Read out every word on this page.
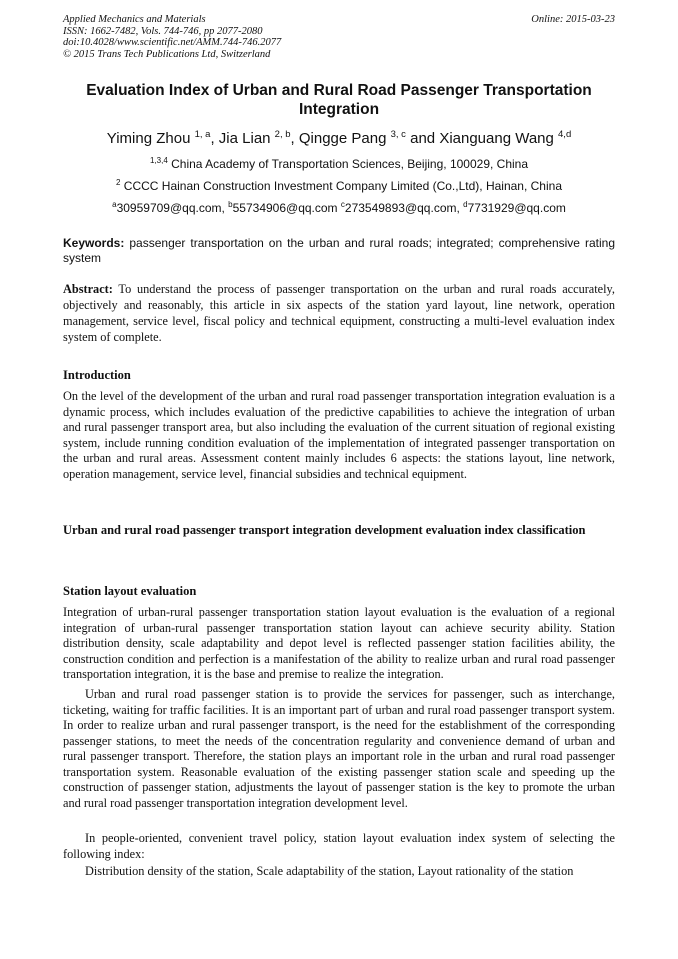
Applied Mechanics and Materials
ISSN: 1662-7482, Vols. 744-746, pp 2077-2080
doi:10.4028/www.scientific.net/AMM.744-746.2077
© 2015 Trans Tech Publications Ltd, Switzerland
Online: 2015-03-23
Evaluation Index of Urban and Rural Road Passenger Transportation Integration
Yiming Zhou $^{1, a}$, Jia Lian $^{2, b}$, Qingge Pang $^{3, c}$ and Xianguang Wang $^{4,d}$
$^{1,3,4}$ China Academy of Transportation Sciences, Beijing, 100029, China
$^2$ CCCC Hainan Construction Investment Company Limited (Co.,Ltd), Hainan, China
$^a$30959709@qq.com, $^b$55734906@qq.com $^c$273549893@qq.com, $^d$7731929@qq.com
Keywords: passenger transportation on the urban and rural roads; integrated; comprehensive rating system
Abstract: To understand the process of passenger transportation on the urban and rural roads accurately, objectively and reasonably, this article in six aspects of the station yard layout, line network, operation management, service level, fiscal policy and technical equipment, constructing a multi-level evaluation index system of complete.
Introduction
On the level of the development of the urban and rural road passenger transportation integration evaluation is a dynamic process, which includes evaluation of the predictive capabilities to achieve the integration of urban and rural passenger transport area, but also including the evaluation of the current situation of regional existing system, include running condition evaluation of the implementation of integrated passenger transportation on the urban and rural areas. Assessment content mainly includes 6 aspects: the stations layout, line network, operation management, service level, financial subsidies and technical equipment.
Urban and rural road passenger transport integration development evaluation index classification
Station layout evaluation
Integration of urban-rural passenger transportation station layout evaluation is the evaluation of a regional integration of urban-rural passenger transportation station layout can achieve security ability. Station distribution density, scale adaptability and depot level is reflected passenger station facilities ability, the construction condition and perfection is a manifestation of the ability to realize urban and rural road passenger transportation integration, it is the base and premise to realize the integration.
Urban and rural road passenger station is to provide the services for passenger, such as interchange, ticketing, waiting for traffic facilities. It is an important part of urban and rural road passenger transport system. In order to realize urban and rural passenger transport, is the need for the establishment of the corresponding passenger stations, to meet the needs of the concentration regularity and convenience demand of urban and rural passenger transport. Therefore, the station plays an important role in the urban and rural road passenger transportation system. Reasonable evaluation of the existing passenger station scale and speeding up the construction of passenger station, adjustments the layout of passenger station is the key to promote the urban and rural road passenger transportation integration development level.
In people-oriented, convenient travel policy, station layout evaluation index system of selecting the following index:
Distribution density of the station, Scale adaptability of the station, Layout rationality of the station
